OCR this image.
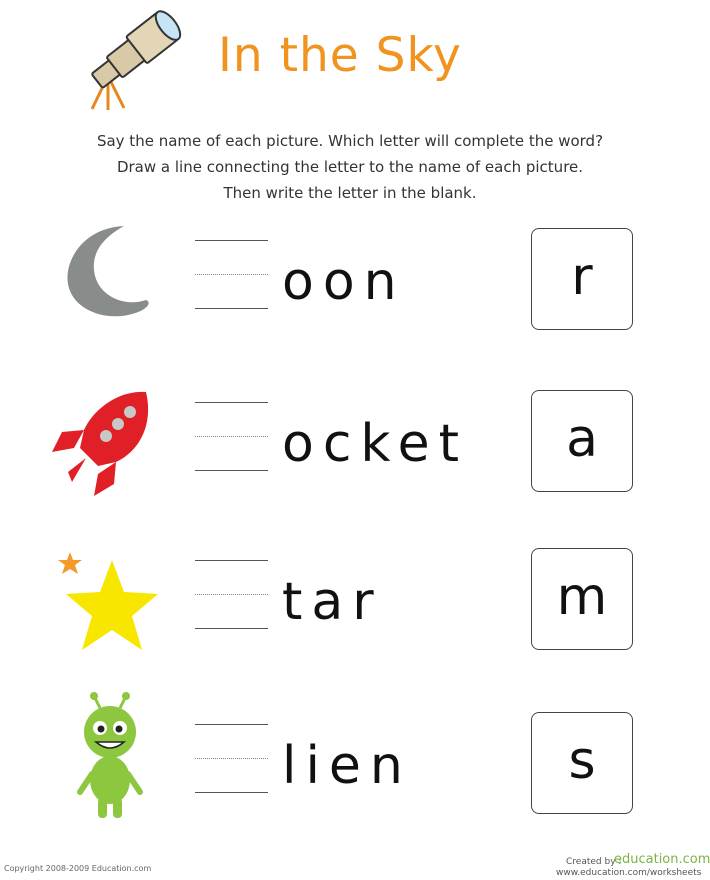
In the Sky
Say the name of each picture. Which letter will complete the word?
Draw a line connecting the letter to the name of each picture.
Then write the letter in the blank.
oon	r
ocket	a
tar	m
lien	s
Copyright 2008-2009 Education.com
Created by :
education.com
www.education.com/worksheets
